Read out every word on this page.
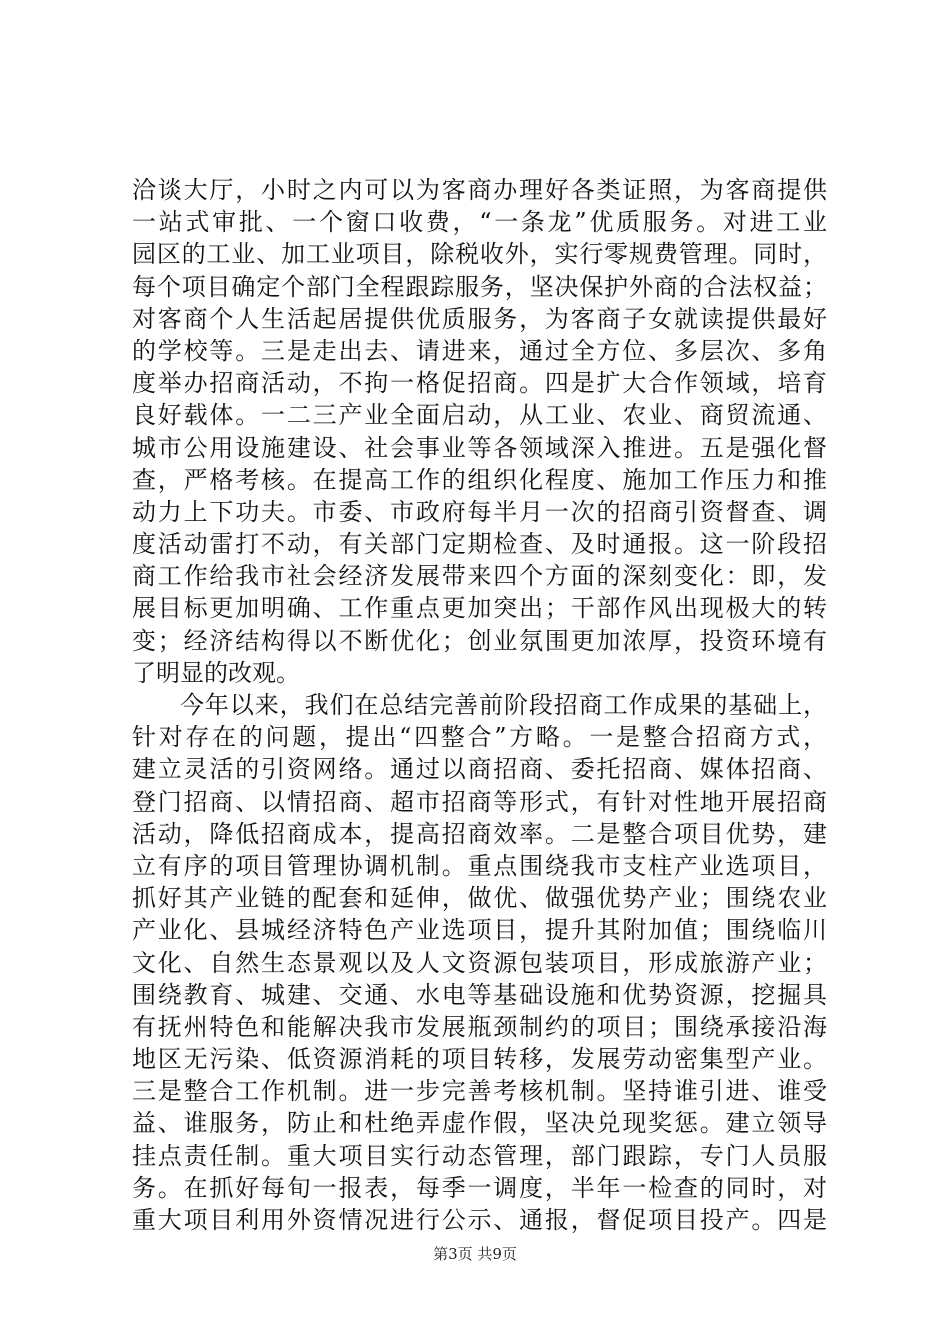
洽谈大厅，小时之内可以为客商办理好各类证照，为客商提供
一站式审批、一个窗口收费，“一条龙”优质服务。对进工业
园区的工业、加工业项目，除税收外，实行零规费管理。同时，
每个项目确定个部门全程跟踪服务，坚决保护外商的合法权益；
对客商个人生活起居提供优质服务，为客商子女就读提供最好
的学校等。三是走出去、请进来，通过全方位、多层次、多角
度举办招商活动，不拘一格促招商。四是扩大合作领域，培育
良好载体。一二三产业全面启动，从工业、农业、商贸流通、
城市公用设施建设、社会事业等各领域深入推进。五是强化督
查，严格考核。在提高工作的组织化程度、施加工作压力和推
动力上下功夫。市委、市政府每半月一次的招商引资督查、调
度活动雷打不动，有关部门定期检查、及时通报。这一阶段招
商工作给我市社会经济发展带来四个方面的深刻变化：即，发
展目标更加明确、工作重点更加突出；干部作风出现极大的转
变；经济结构得以不断优化；创业氛围更加浓厚，投资环境有
了明显的改观。
今年以来，我们在总结完善前阶段招商工作成果的基础上，
针对存在的问题，提出“四整合”方略。一是整合招商方式，
建立灵活的引资网络。通过以商招商、委托招商、媒体招商、
登门招商、以情招商、超市招商等形式，有针对性地开展招商
活动，降低招商成本，提高招商效率。二是整合项目优势，建
立有序的项目管理协调机制。重点围绕我市支柱产业选项目，
抓好其产业链的配套和延伸，做优、做强优势产业；围绕农业
产业化、县城经济特色产业选项目，提升其附加值；围绕临川
文化、自然生态景观以及人文资源包装项目，形成旅游产业；
围绕教育、城建、交通、水电等基础设施和优势资源，挖掘具
有抚州特色和能解决我市发展瓶颈制约的项目；围绕承接沿海
地区无污染、低资源消耗的项目转移，发展劳动密集型产业。
三是整合工作机制。进一步完善考核机制。坚持谁引进、谁受
益、谁服务，防止和杜绝弄虚作假，坚决兑现奖惩。建立领导
挂点责任制。重大项目实行动态管理，部门跟踪，专门人员服
务。在抓好每旬一报表，每季一调度，半年一检查的同时，对
重大项目利用外资情况进行公示、通报，督促项目投产。四是
第3页 共9页
